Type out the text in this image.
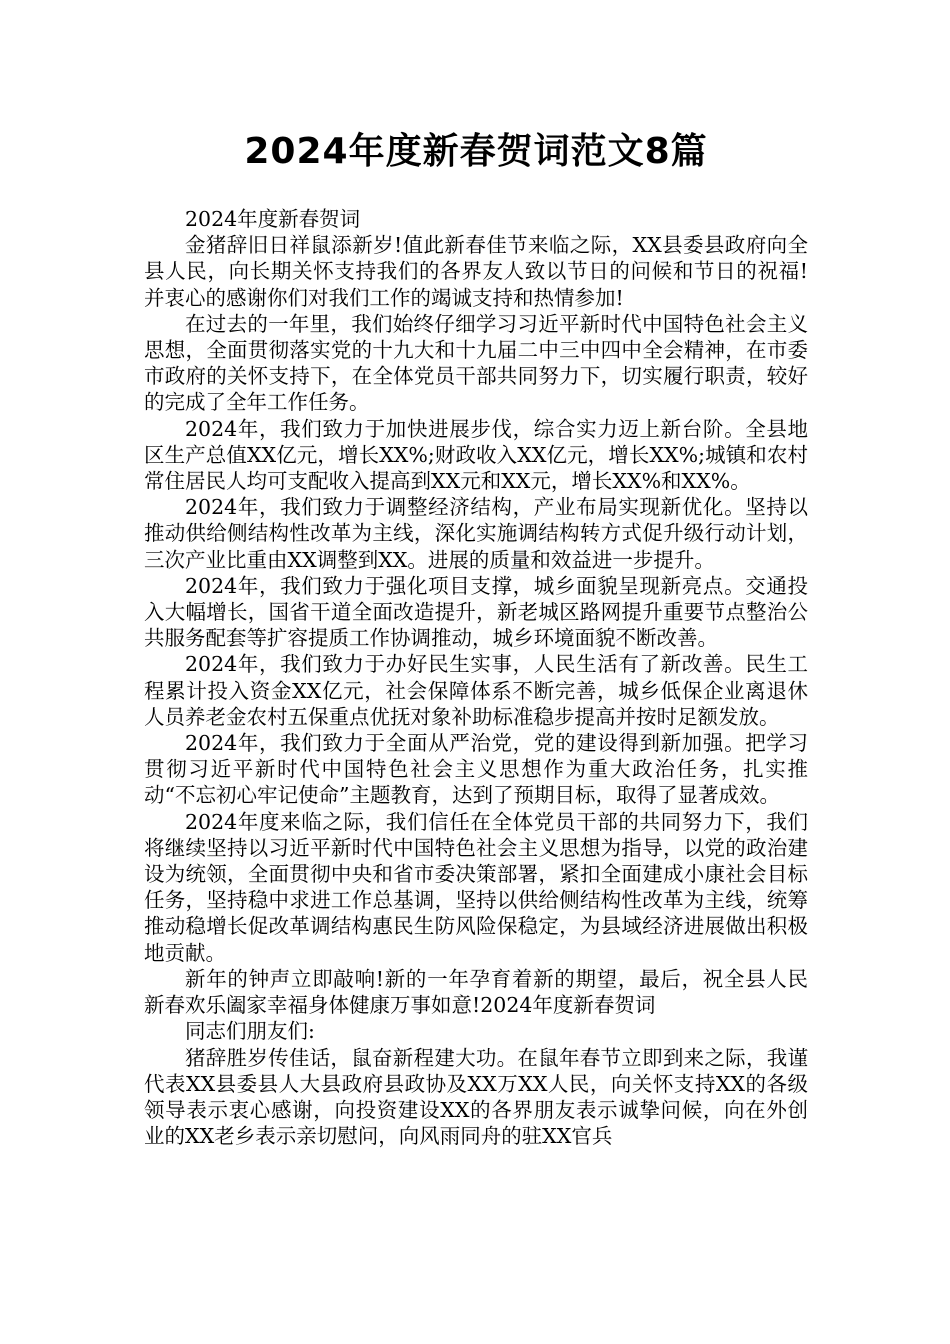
2024年度新春贺词范文8篇

2024年度新春贺词

金猪辞旧日祥鼠添新岁!值此新春佳节来临之际，XX县委县政府向全县人民，向长期关怀支持我们的各界友人致以节日的问候和节日的祝福!并衷心的感谢你们对我们工作的竭诚支持和热情参加!

在过去的一年里，我们始终仔细学习习近平新时代中国特色社会主义思想，全面贯彻落实党的十九大和十九届二中三中四中全会精神，在市委市政府的关怀支持下，在全体党员干部共同努力下，切实履行职责，较好的完成了全年工作任务。

2024年，我们致力于加快进展步伐，综合实力迈上新台阶。全县地区生产总值XX亿元，增长XX%;财政收入XX亿元，增长XX%;城镇和农村常住居民人均可支配收入提高到XX元和XX元，增长XX%和XX%。

2024年，我们致力于调整经济结构，产业布局实现新优化。坚持以推动供给侧结构性改革为主线，深化实施调结构转方式促升级行动计划，三次产业比重由XX调整到XX。进展的质量和效益进一步提升。

2024年，我们致力于强化项目支撑，城乡面貌呈现新亮点。交通投入大幅增长，国省干道全面改造提升，新老城区路网提升重要节点整治公共服务配套等扩容提质工作协调推动，城乡环境面貌不断改善。

2024年，我们致力于办好民生实事，人民生活有了新改善。民生工程累计投入资金XX亿元，社会保障体系不断完善，城乡低保企业离退休人员养老金农村五保重点优抚对象补助标准稳步提高并按时足额发放。

2024年，我们致力于全面从严治党，党的建设得到新加强。把学习贯彻习近平新时代中国特色社会主义思想作为重大政治任务，扎实推动“不忘初心牢记使命”主题教育，达到了预期目标，取得了显著成效。

2024年度来临之际，我们信任在全体党员干部的共同努力下，我们将继续坚持以习近平新时代中国特色社会主义思想为指导，以党的政治建设为统领，全面贯彻中央和省市委决策部署，紧扣全面建成小康社会目标任务，坚持稳中求进工作总基调，坚持以供给侧结构性改革为主线，统筹推动稳增长促改革调结构惠民生防风险保稳定，为县域经济进展做出积极地贡献。

新年的钟声立即敲响!新的一年孕育着新的期望，最后，祝全县人民新春欢乐阖家幸福身体健康万事如意!2024年度新春贺词

同志们朋友们:

猪辞胜岁传佳话，鼠奋新程建大功。在鼠年春节立即到来之际，我谨代表XX县委县人大县政府县政协及XX万XX人民，向关怀支持XX的各级领导表示衷心感谢，向投资建设XX的各界朋友表示诚挚问候，向在外创业的XX老乡表示亲切慰问，向风雨同舟的驻XX官兵
